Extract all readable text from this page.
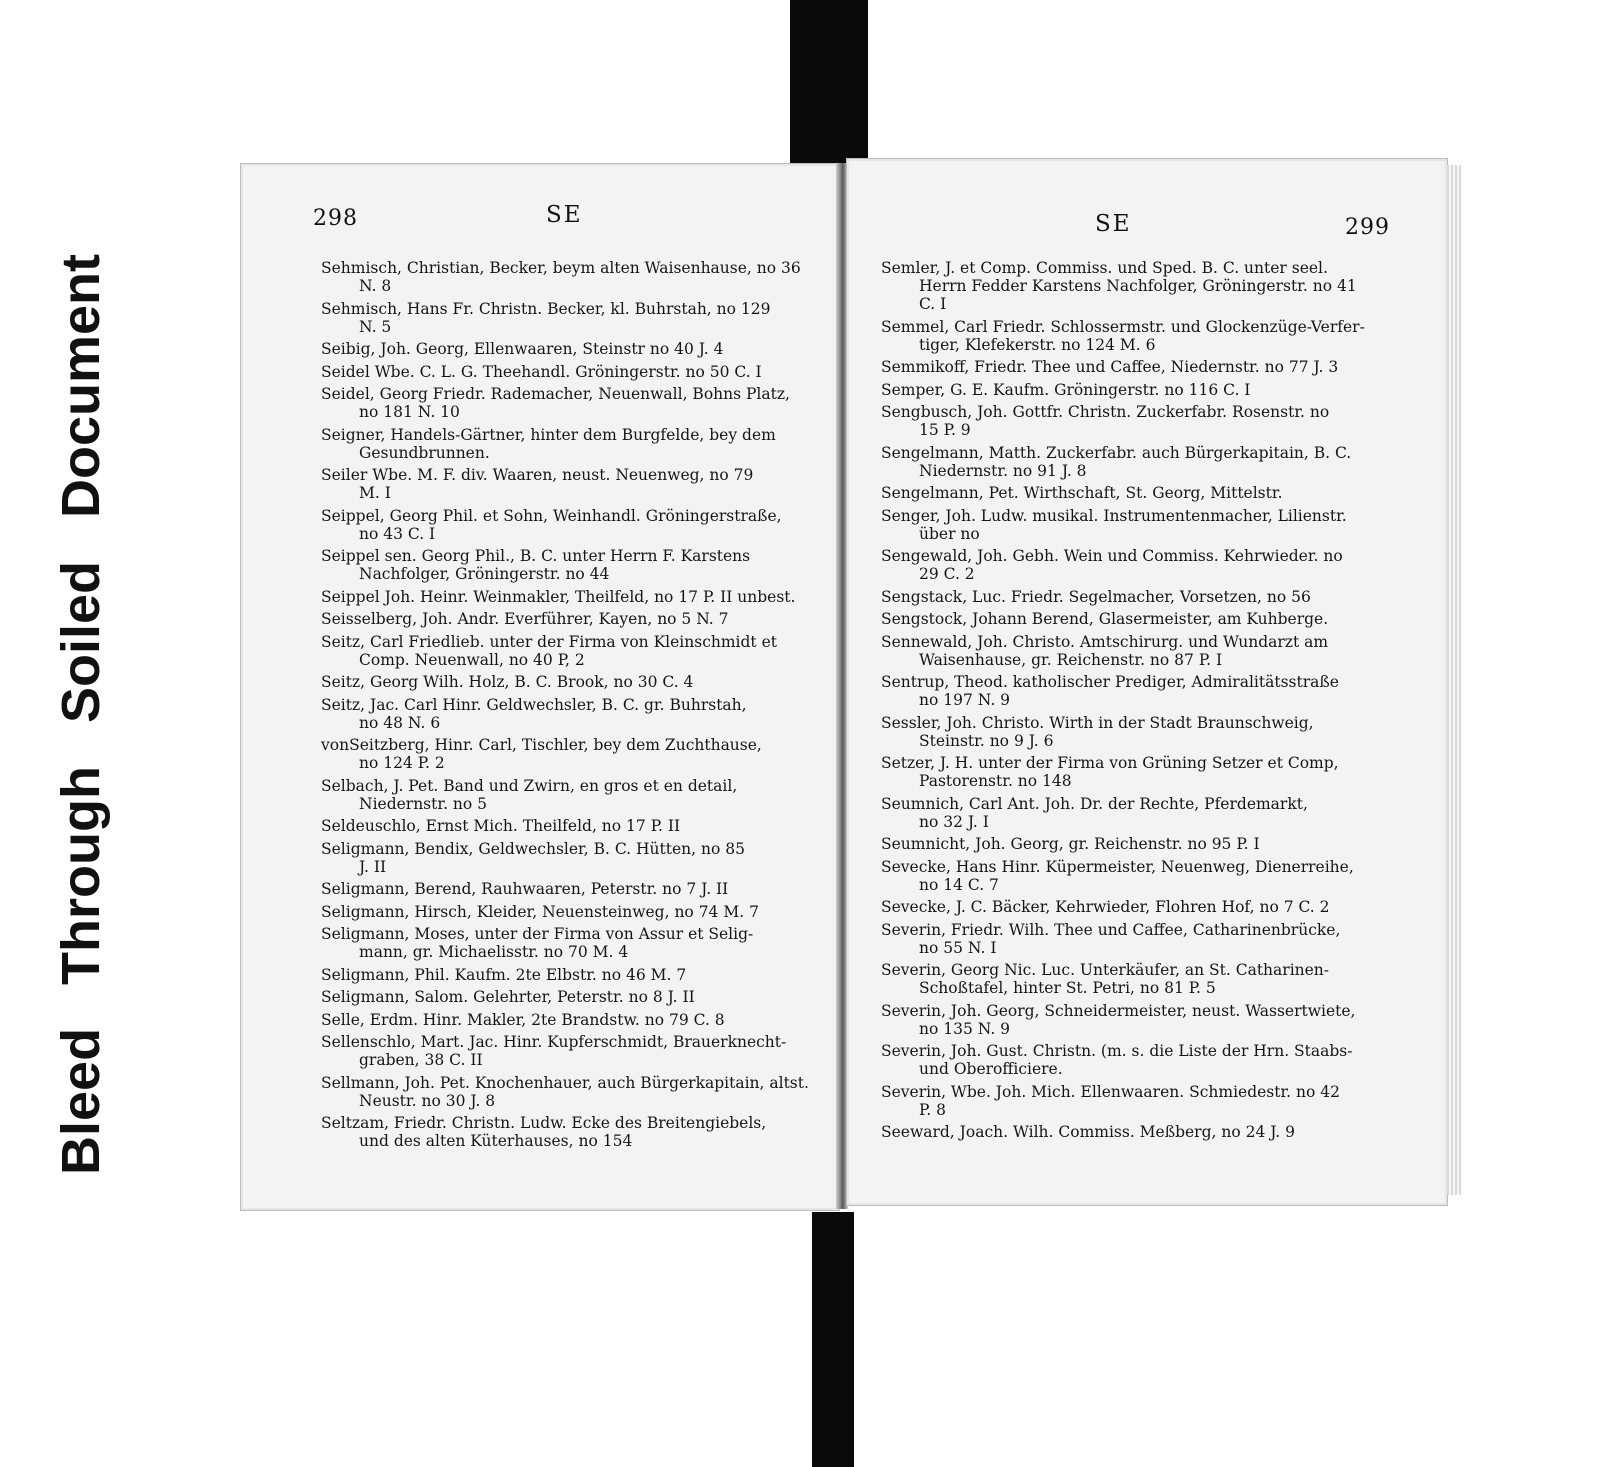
Bleed Through Soiled Document
298	SE
Sehmisch, Christian, Becker, beym alten Waisenhause, no 36
N. 8
Sehmisch, Hans Fr. Christn. Becker, kl. Buhrstah, no 129
N. 5
Seibig, Joh. Georg, Ellenwaaren, Steinstr no 40 J. 4
Seidel Wbe. C. L. G. Theehandl. Gröningerstr. no 50 C. I
Seidel, Georg Friedr. Rademacher, Neuenwall, Bohns Platz,
no 181 N. 10
Seigner, Handels-Gärtner, hinter dem Burgfelde, bey dem
Gesundbrunnen.
Seiler Wbe. M. F. div. Waaren, neust. Neuenweg, no 79
M. I
Seippel, Georg Phil. et Sohn, Weinhandl. Gröningerstraße,
no 43 C. I
Seippel sen. Georg Phil., B. C. unter Herrn F. Karstens
Nachfolger, Gröningerstr. no 44
Seippel Joh. Heinr. Weinmakler, Theilfeld, no 17 P. II unbest.
Seisselberg, Joh. Andr. Everführer, Kayen, no 5 N. 7
Seitz, Carl Friedlieb. unter der Firma von Kleinschmidt et
Comp. Neuenwall, no 40 P, 2
Seitz, Georg Wilh. Holz, B. C. Brook, no 30 C. 4
Seitz, Jac. Carl Hinr. Geldwechsler, B. C. gr. Buhrstah,
no 48 N. 6
vonSeitzberg, Hinr. Carl, Tischler, bey dem Zuchthause,
no 124 P. 2
Selbach, J. Pet. Band und Zwirn, en gros et en detail,
Niedernstr. no 5
Seldeuschlo, Ernst Mich. Theilfeld, no 17 P. II
Seligmann, Bendix, Geldwechsler, B. C. Hütten, no 85
J. II
Seligmann, Berend, Rauhwaaren, Peterstr. no 7 J. II
Seligmann, Hirsch, Kleider, Neuensteinweg, no 74 M. 7
Seligmann, Moses, unter der Firma von Assur et Selig-
mann, gr. Michaelisstr. no 70 M. 4
Seligmann, Phil. Kaufm. 2te Elbstr. no 46 M. 7
Seligmann, Salom. Gelehrter, Peterstr. no 8 J. II
Selle, Erdm. Hinr. Makler, 2te Brandstw. no 79 C. 8
Sellenschlo, Mart. Jac. Hinr. Kupferschmidt, Brauerknecht-
graben, 38 C. II
Sellmann, Joh. Pet. Knochenhauer, auch Bürgerkapitain, altst.
Neustr. no 30 J. 8
Seltzam, Friedr. Christn. Ludw. Ecke des Breitengiebels,
und des alten Küterhauses, no 154
SE	299
Semler, J. et Comp. Commiss. und Sped. B. C. unter seel.
Herrn Fedder Karstens Nachfolger, Gröningerstr. no 41
C. I
Semmel, Carl Friedr. Schlossermstr. und Glockenzüge-Verfer-
tiger, Klefekerstr. no 124 M. 6
Semmikoff, Friedr. Thee und Caffee, Niedernstr. no 77 J. 3
Semper, G. E. Kaufm. Gröningerstr. no 116 C. I
Sengbusch, Joh. Gottfr. Christn. Zuckerfabr. Rosenstr. no
15 P. 9
Sengelmann, Matth. Zuckerfabr. auch Bürgerkapitain, B. C.
Niedernstr. no 91 J. 8
Sengelmann, Pet. Wirthschaft, St. Georg, Mittelstr.
Senger, Joh. Ludw. musikal. Instrumentenmacher, Lilienstr.
über no
Sengewald, Joh. Gebh. Wein und Commiss. Kehrwieder. no
29 C. 2
Sengstack, Luc. Friedr. Segelmacher, Vorsetzen, no 56
Sengstock, Johann Berend, Glasermeister, am Kuhberge.
Sennewald, Joh. Christo. Amtschirurg. und Wundarzt am
Waisenhause, gr. Reichenstr. no 87 P. I
Sentrup, Theod. katholischer Prediger, Admiralitätsstraße
no 197 N. 9
Sessler, Joh. Christo. Wirth in der Stadt Braunschweig,
Steinstr. no 9 J. 6
Setzer, J. H. unter der Firma von Grüning Setzer et Comp,
Pastorenstr. no 148
Seumnich, Carl Ant. Joh. Dr. der Rechte, Pferdemarkt,
no 32 J. I
Seumnicht, Joh. Georg, gr. Reichenstr. no 95 P. I
Sevecke, Hans Hinr. Küpermeister, Neuenweg, Dienerreihe,
no 14 C. 7
Sevecke, J. C. Bäcker, Kehrwieder, Flohren Hof, no 7 C. 2
Severin, Friedr. Wilh. Thee und Caffee, Catharinenbrücke,
no 55 N. I
Severin, Georg Nic. Luc. Unterkäufer, an St. Catharinen-
Schoßtafel, hinter St. Petri, no 81 P. 5
Severin, Joh. Georg, Schneidermeister, neust. Wassertwiete,
no 135 N. 9
Severin, Joh. Gust. Christn. (m. s. die Liste der Hrn. Staabs-
und Oberofficiere.
Severin, Wbe. Joh. Mich. Ellenwaaren. Schmiedestr. no 42
P. 8
Seeward, Joach. Wilh. Commiss. Meßberg, no 24 J. 9
